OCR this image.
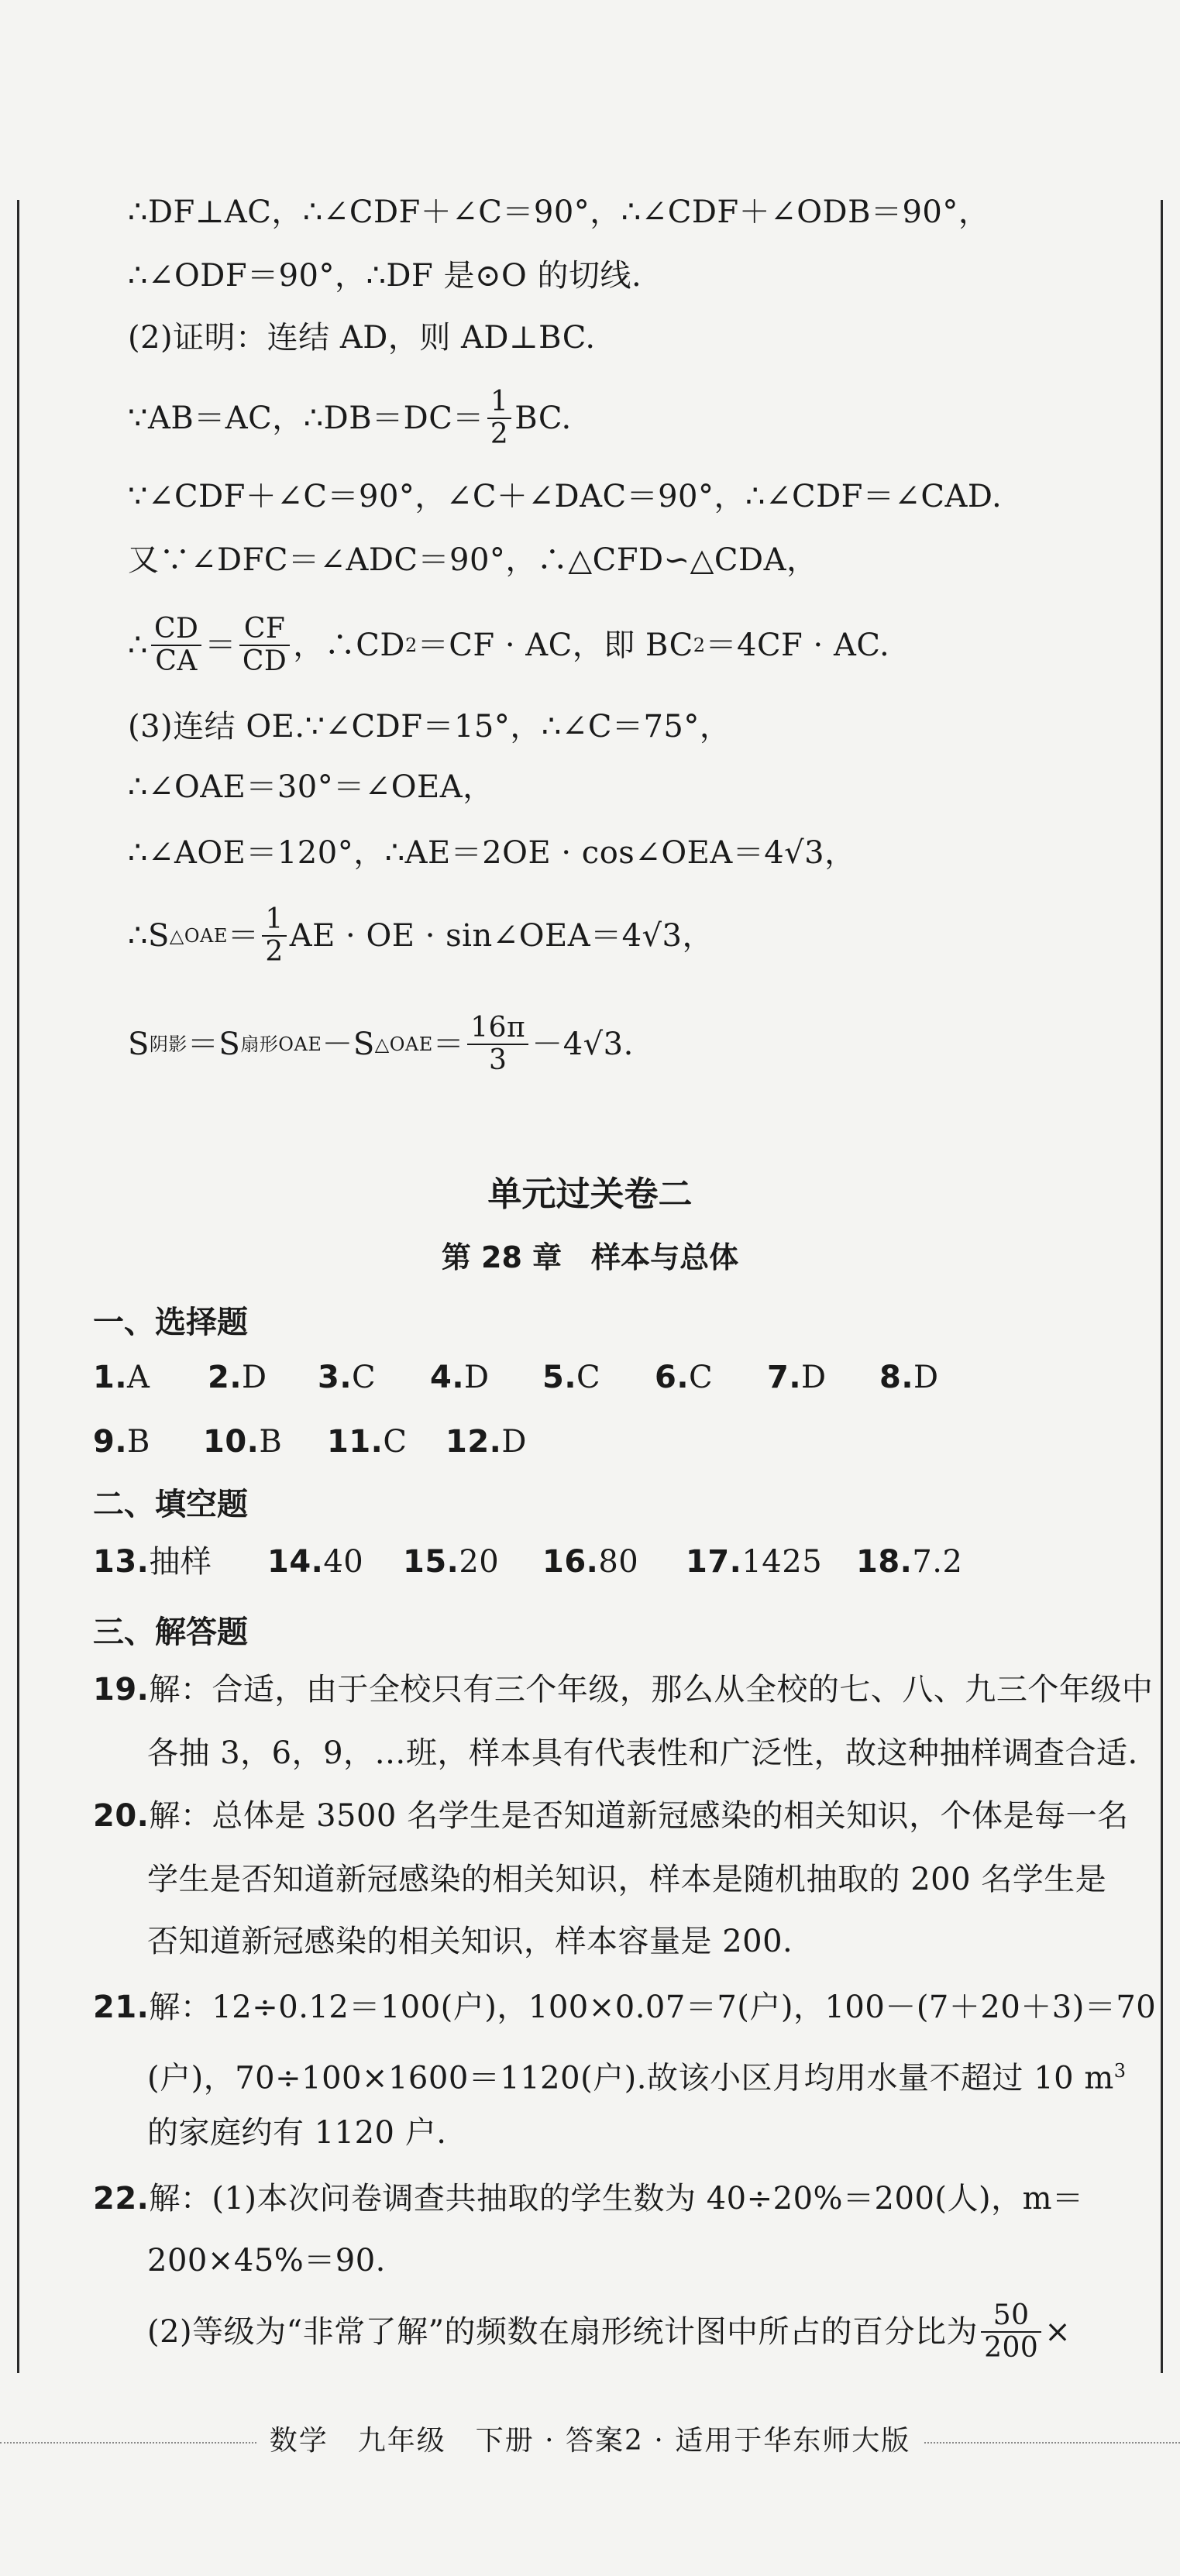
∴DF⊥AC，∴∠CDF＋∠C＝90°，∴∠CDF＋∠ODB＝90°，
∴∠ODF＝90°，∴DF 是⊙O 的切线.
(2)证明：连结 AD，则 AD⊥BC.
∵AB＝AC，∴DB＝DC＝ $\frac{1}{2}$ BC.
∵∠CDF＋∠C＝90°，∠C＋∠DAC＝90°，∴∠CDF＝∠CAD.
又∵∠DFC＝∠ADC＝90°，∴△CFD∽△CDA，
∴ $\frac{CD}{CA} = \frac{CF}{CD}$ ，∴CD 2 ＝CF · AC，即 BC 2 ＝4CF · AC.
(3)连结 OE.∵∠CDF＝15°，∴∠C＝75°，
∴∠OAE＝30°＝∠OEA，
∴∠AOE＝120°，∴AE＝2OE · cos∠OEA＝4√3，
∴S △OAE ＝ $\frac{1}{2}$ AE · OE · sin∠OEA＝4√3，
S 阴影 ＝S 扇形OAE －S △OAE ＝ $\frac{16\pi}{3} -4√3$.
单元过关卷二
第 28 章　样本与总体
一、选择题
1.A 2.D 3.C 4.D 5.C 6.C 7.D 8.D
9.B 10.B 11.C 12.D
二、填空题
13.抽样 14.40 15.20 16.80 17.1425 18.7.2
三、解答题
19.解：合适，由于全校只有三个年级，那么从全校的七、八、九三个年级中
各抽 3，6，9，…班，样本具有代表性和广泛性，故这种抽样调查合适.
20.解：总体是 3500 名学生是否知道新冠感染的相关知识，个体是每一名
学生是否知道新冠感染的相关知识，样本是随机抽取的 200 名学生是
否知道新冠感染的相关知识，样本容量是 200.
21.解：12÷0.12＝100(户)，100×0.07＝7(户)，100－(7＋20＋3)＝70
(户)，70÷100×1600＝1120(户).故该小区月均用水量不超过 10 $m^3$
的家庭约有 1120 户.
22.解：(1)本次问卷调查共抽取的学生数为 40÷20%＝200(人)，m＝
200×45%＝90.
(2)等级为“非常了解”的频数在扇形统计图中所占的百分比为 $\frac{50}{200}$ ×
数学　九年级　下册 · 答案2 · 适用于华东师大版
